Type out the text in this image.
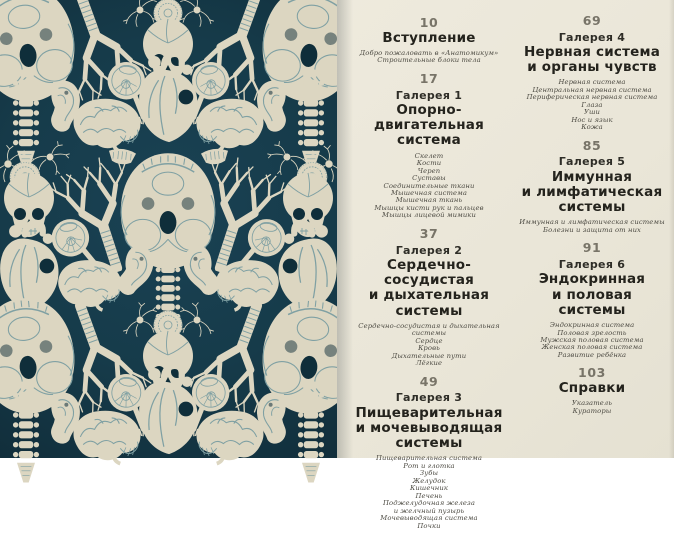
10
Вступление
Добро пожаловать в «Анатомикум»
Строительные блоки тела
17
Галерея 1
Опорно-двигательная
система
Скелет
Кости
Череп
Суставы
Соединительные ткани
Мышечная система
Мышечная ткань
Мышцы кисти рук и пальцев
Мышцы лицевой мимики
37
Галерея 2
Сердечно-сосудистая
и дыхательная системы
Сердечно-сосудистая и дыхательная системы
Сердце
Кровь
Дыхательные пути
Лёгкие
49
Галерея 3
Пищеварительная
и мочевыводящая системы
Пищеварительная система
Рот и глотка
Зубы
Желудок
Кишечник
Печень
Поджелудочная железа
и желчный пузырь
Мочевыводящая система
Почки
69
Галерея 4
Нервная система
и органы чувств
Нервная система
Центральная нервная система
Периферическая нервная система
Глаза
Уши
Нос и язык
Кожа
85
Галерея 5
Иммунная
и лимфатическая
системы
Иммунная и лимфатическая системы
Болезни и защита от них
91
Галерея 6
Эндокринная
и половая системы
Эндокринная система
Половая зрелость
Мужская половая система
Женская половая система
Развитие ребёнка
103
Справки
Указатель
Кураторы
